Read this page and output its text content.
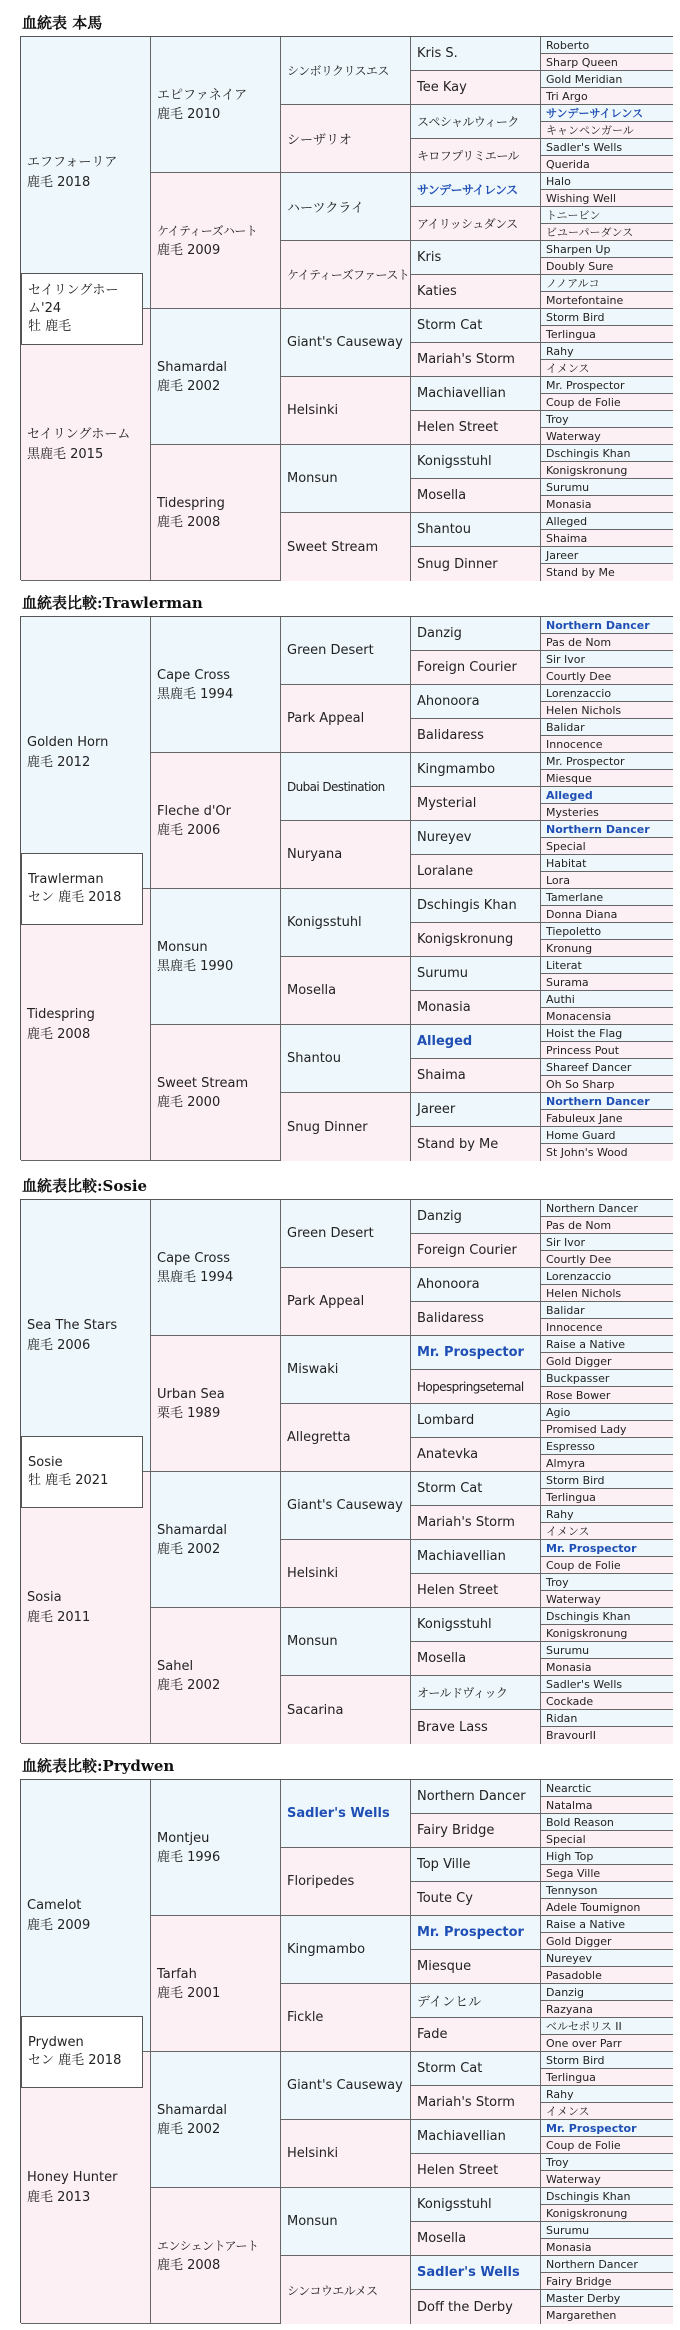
血統表 本馬
エフフォーリア
鹿毛 2018
セイリングホーム
黒鹿毛 2015
エピファネイア
鹿毛 2010
ケイティーズハート
鹿毛 2009
Shamardal
鹿毛 2002
Tidespring
鹿毛 2008
シンボリクリスエス
シーザリオ
ハーツクライ
ケイティーズファースト
Giant's Causeway
Helsinki
Monsun
Sweet Stream
Kris S.
Tee Kay
スペシャルウィーク
キロフプリミエール
サンデーサイレンス
アイリッシュダンス
Kris
Katies
Storm Cat
Mariah's Storm
Machiavellian
Helen Street
Konigsstuhl
Mosella
Shantou
Snug Dinner
Roberto
Sharp Queen
Gold Meridian
Tri Argo
サンデーサイレンス
キャンペンガール
Sadler's Wells
Querida
Halo
Wishing Well
トニービン
ビユーパーダンス
Sharpen Up
Doubly Sure
ノノアルコ
Mortefontaine
Storm Bird
Terlingua
Rahy
イメンス
Mr. Prospector
Coup de Folie
Troy
Waterway
Dschingis Khan
Konigskronung
Surumu
Monasia
Alleged
Shaima
Jareer
Stand by Me
セイリングホーム'24
牡 鹿毛
血統表比較:Trawlerman
Golden Horn
鹿毛 2012
Tidespring
鹿毛 2008
Cape Cross
黒鹿毛 1994
Fleche d'Or
鹿毛 2006
Monsun
黒鹿毛 1990
Sweet Stream
鹿毛 2000
Green Desert
Park Appeal
Dubai Destination
Nuryana
Konigsstuhl
Mosella
Shantou
Snug Dinner
Danzig
Foreign Courier
Ahonoora
Balidaress
Kingmambo
Mysterial
Nureyev
Loralane
Dschingis Khan
Konigskronung
Surumu
Monasia
Alleged
Shaima
Jareer
Stand by Me
Northern Dancer
Pas de Nom
Sir Ivor
Courtly Dee
Lorenzaccio
Helen Nichols
Balidar
Innocence
Mr. Prospector
Miesque
Alleged
Mysteries
Northern Dancer
Special
Habitat
Lora
Tamerlane
Donna Diana
Tiepoletto
Kronung
Literat
Surama
Authi
Monacensia
Hoist the Flag
Princess Pout
Shareef Dancer
Oh So Sharp
Northern Dancer
Fabuleux Jane
Home Guard
St John's Wood
Trawlerman
セン 鹿毛 2018
血統表比較:Sosie
Sea The Stars
鹿毛 2006
Sosia
鹿毛 2011
Cape Cross
黒鹿毛 1994
Urban Sea
栗毛 1989
Shamardal
鹿毛 2002
Sahel
鹿毛 2002
Green Desert
Park Appeal
Miswaki
Allegretta
Giant's Causeway
Helsinki
Monsun
Sacarina
Danzig
Foreign Courier
Ahonoora
Balidaress
Mr. Prospector
Hopespringseternal
Lombard
Anatevka
Storm Cat
Mariah's Storm
Machiavellian
Helen Street
Konigsstuhl
Mosella
オールドヴィック
Brave Lass
Northern Dancer
Pas de Nom
Sir Ivor
Courtly Dee
Lorenzaccio
Helen Nichols
Balidar
Innocence
Raise a Native
Gold Digger
Buckpasser
Rose Bower
Agio
Promised Lady
Espresso
Almyra
Storm Bird
Terlingua
Rahy
イメンス
Mr. Prospector
Coup de Folie
Troy
Waterway
Dschingis Khan
Konigskronung
Surumu
Monasia
Sadler's Wells
Cockade
Ridan
BravourII
Sosie
牡 鹿毛 2021
血統表比較:Prydwen
Camelot
鹿毛 2009
Honey Hunter
鹿毛 2013
Montjeu
鹿毛 1996
Tarfah
鹿毛 2001
Shamardal
鹿毛 2002
エンシェントアート
鹿毛 2008
Sadler's Wells
Floripedes
Kingmambo
Fickle
Giant's Causeway
Helsinki
Monsun
シンコウエルメス
Northern Dancer
Fairy Bridge
Top Ville
Toute Cy
Mr. Prospector
Miesque
デインヒル
Fade
Storm Cat
Mariah's Storm
Machiavellian
Helen Street
Konigsstuhl
Mosella
Sadler's Wells
Doff the Derby
Nearctic
Natalma
Bold Reason
Special
High Top
Sega Ville
Tennyson
Adele Toumignon
Raise a Native
Gold Digger
Nureyev
Pasadoble
Danzig
Razyana
ベルセポリス II
One over Parr
Storm Bird
Terlingua
Rahy
イメンス
Mr. Prospector
Coup de Folie
Troy
Waterway
Dschingis Khan
Konigskronung
Surumu
Monasia
Northern Dancer
Fairy Bridge
Master Derby
Margarethen
Prydwen
セン 鹿毛 2018
